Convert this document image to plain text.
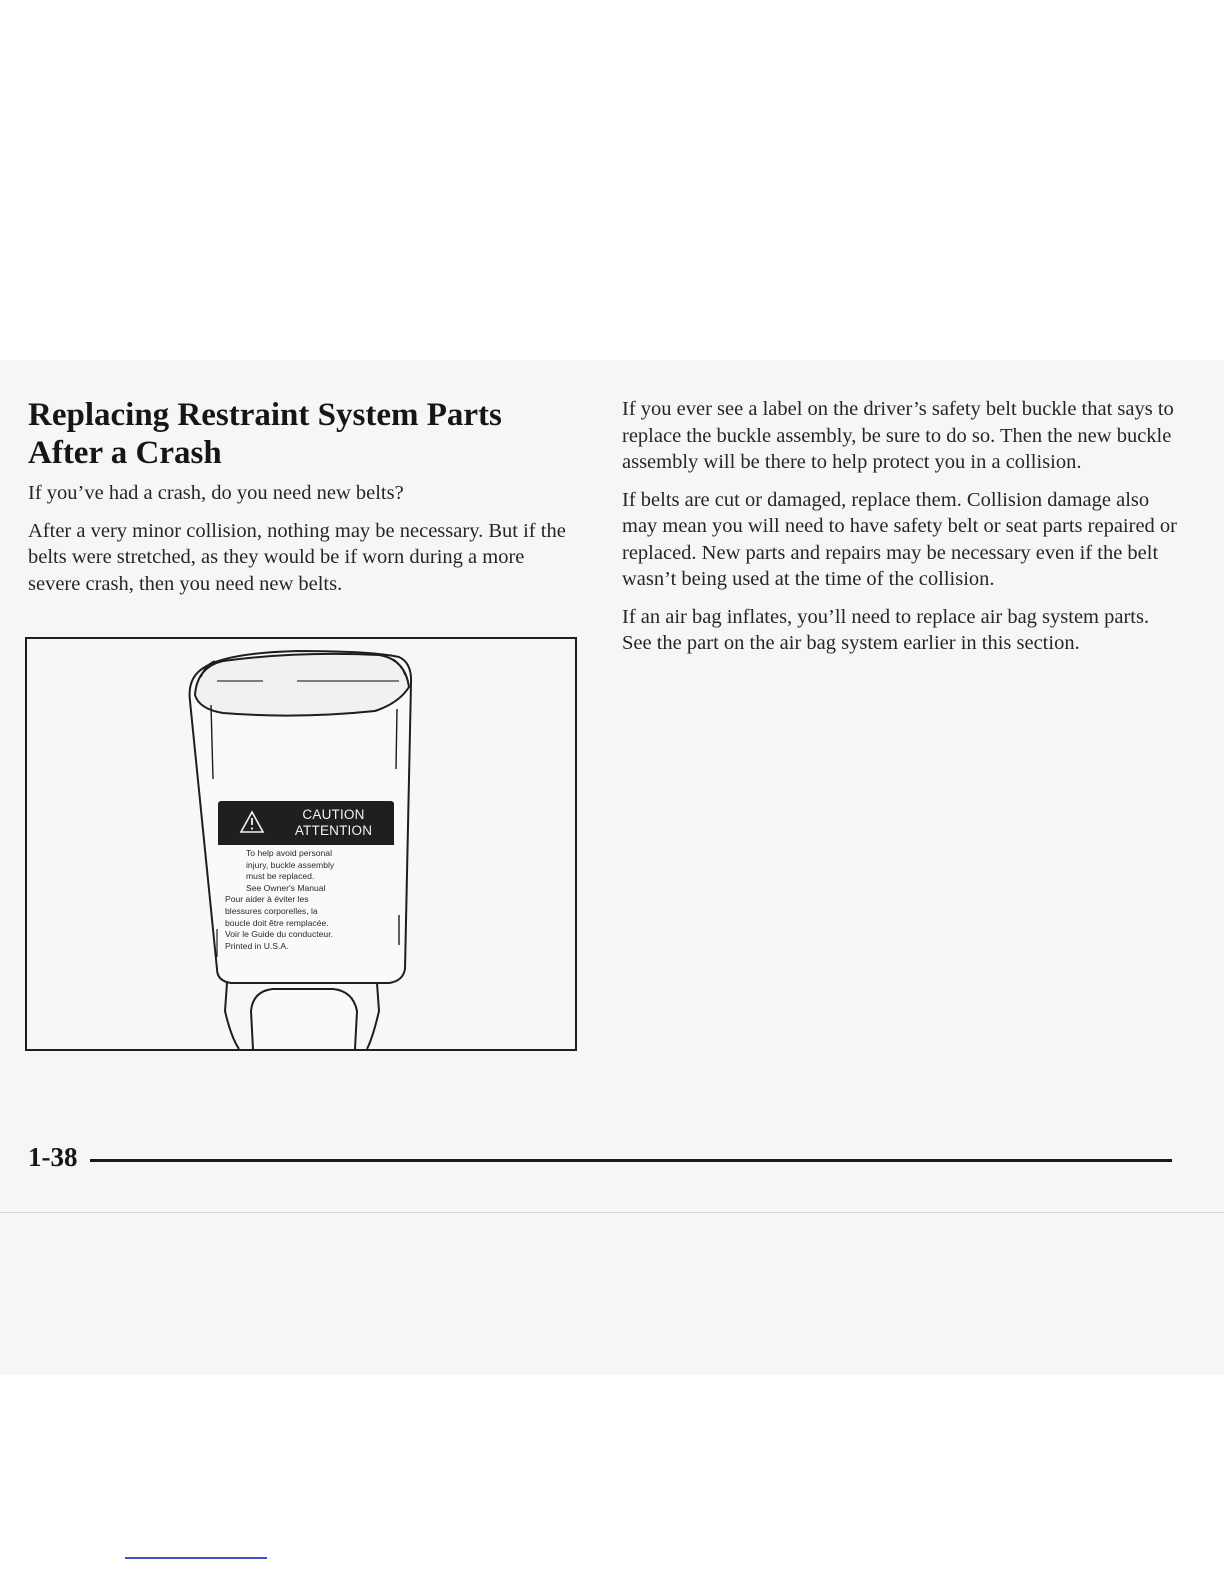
Replacing Restraint System Parts
After a Crash

If you’ve had a crash, do you need new belts?

After a very minor collision, nothing may be necessary. But if the belts were stretched, as they would be if worn during a more severe crash, then you need new belts.

CAUTION
ATTENTION
To help avoid personal
injury, buckle assembly
must be replaced.
See Owner's Manual
Pour aider à éviter les
blessures corporelles, la
boucle doit être remplacée.
Voir le Guide du conducteur.
Printed in U.S.A.

If you ever see a label on the driver’s safety belt buckle that says to replace the buckle assembly, be sure to do so. Then the new buckle assembly will be there to help protect you in a collision.

If belts are cut or damaged, replace them. Collision damage also may mean you will need to have safety belt or seat parts repaired or replaced. New parts and repairs may be necessary even if the belt wasn’t being used at the time of the collision.

If an air bag inflates, you’ll need to replace air bag system parts. See the part on the air bag system earlier in this section.

1-38
